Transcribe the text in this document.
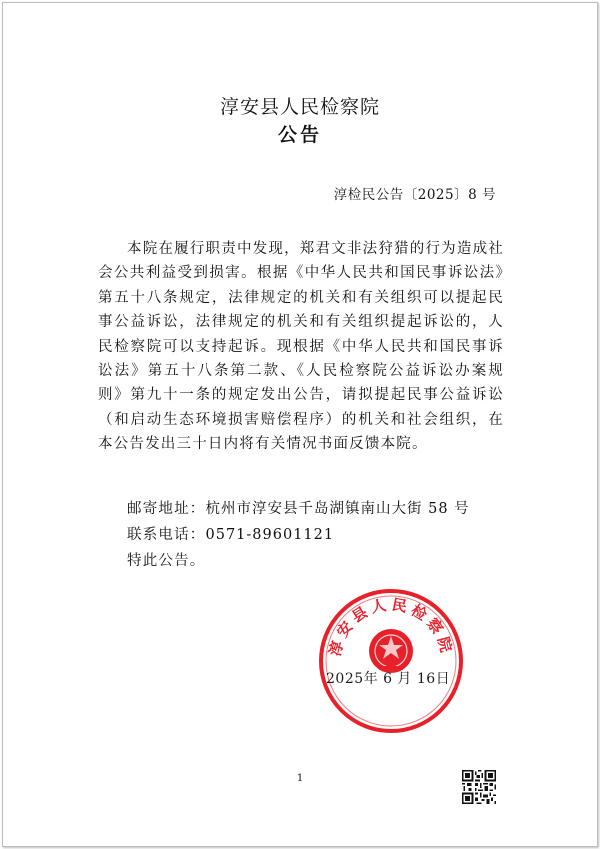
淳安县人民检察院
公告
淳检民公告〔2025〕8 号

本院在履行职责中发现，郑君文非法狩猎的行为造成社会公共利益受到损害。根据《中华人民共和国民事诉讼法》第五十八条规定，法律规定的机关和有关组织可以提起民事公益诉讼，法律规定的机关和有关组织提起诉讼的，人民检察院可以支持起诉。现根据《中华人民共和国民事诉讼法》第五十八条第二款、《人民检察院公益诉讼办案规则》第九十一条的规定发出公告，请拟提起民事公益诉讼（和启动生态环境损害赔偿程序）的机关和社会组织，在本公告发出三十日内将有关情况书面反馈本院。

邮寄地址：杭州市淳安县千岛湖镇南山大街 58 号
联系电话：0571-89601121
特此公告。
淳安县人民检察院
2025年 6 月 16日
1
